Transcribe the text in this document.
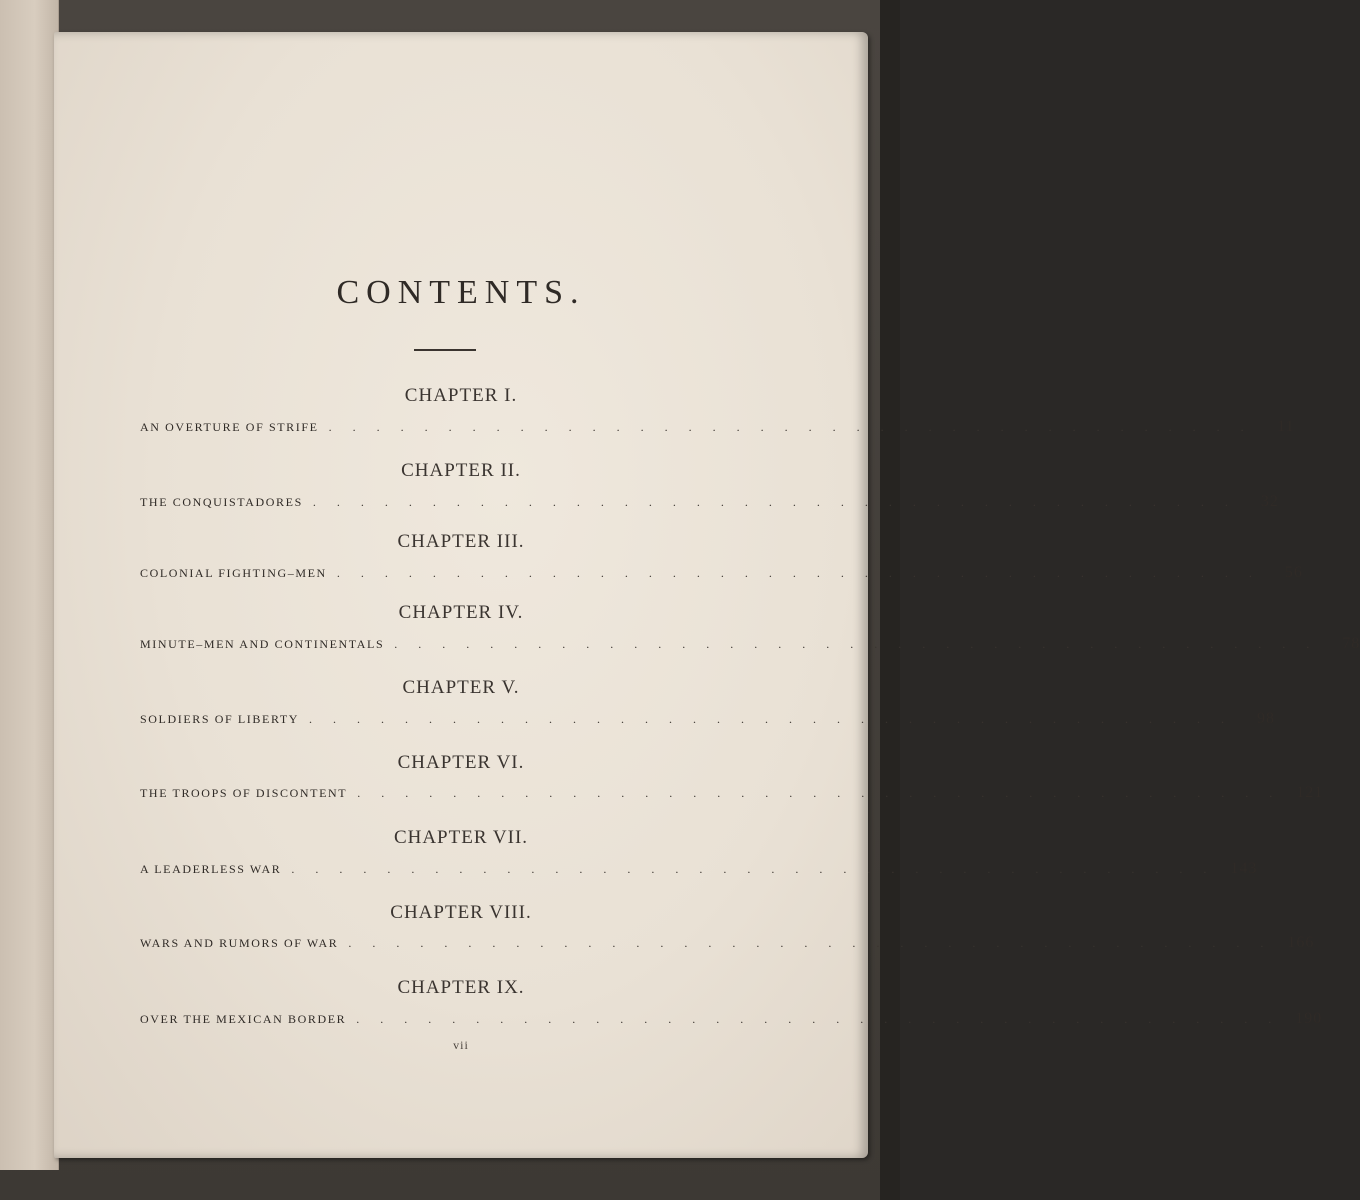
CONTENTS.
CHAPTER I.
AN OVERTURE OF STRIFE . . . . . . . . . . . . . . . . . . . . . . . . . . . . . . . . . . . . . . .	11
CHAPTER II.
THE CONQUISTADORES . . . . . . . . . . . . . . . . . . . . . . . . . . . . . . . . . . . . . . .	32
CHAPTER III.
COLONIAL FIGHTING–MEN . . . . . . . . . . . . . . . . . . . . . . . . . . . . . . . . . . . . . . .	56
CHAPTER IV.
MINUTE–MEN AND CONTINENTALS . . . . . . . . . . . . . . . . . . . . . . . . . . . . . . . . . . . . . . .	78
CHAPTER V.
SOLDIERS OF LIBERTY . . . . . . . . . . . . . . . . . . . . . . . . . . . . . . . . . . . . . . .	98
CHAPTER VI.
THE TROOPS OF DISCONTENT . . . . . . . . . . . . . . . . . . . . . . . . . . . . . . . . . . . . . . . 121
CHAPTER VII.
A LEADERLESS WAR . . . . . . . . . . . . . . . . . . . . . . . . . . . . . . . . . . . . . . . 143
CHAPTER VIII.
WARS AND RUMORS OF WAR . . . . . . . . . . . . . . . . . . . . . . . . . . . . . . . . . . . . . . . 166
CHAPTER IX.
OVER THE MEXICAN BORDER . . . . . . . . . . . . . . . . . . . . . . . . . . . . . . . . . . . . . . . 190
vii
